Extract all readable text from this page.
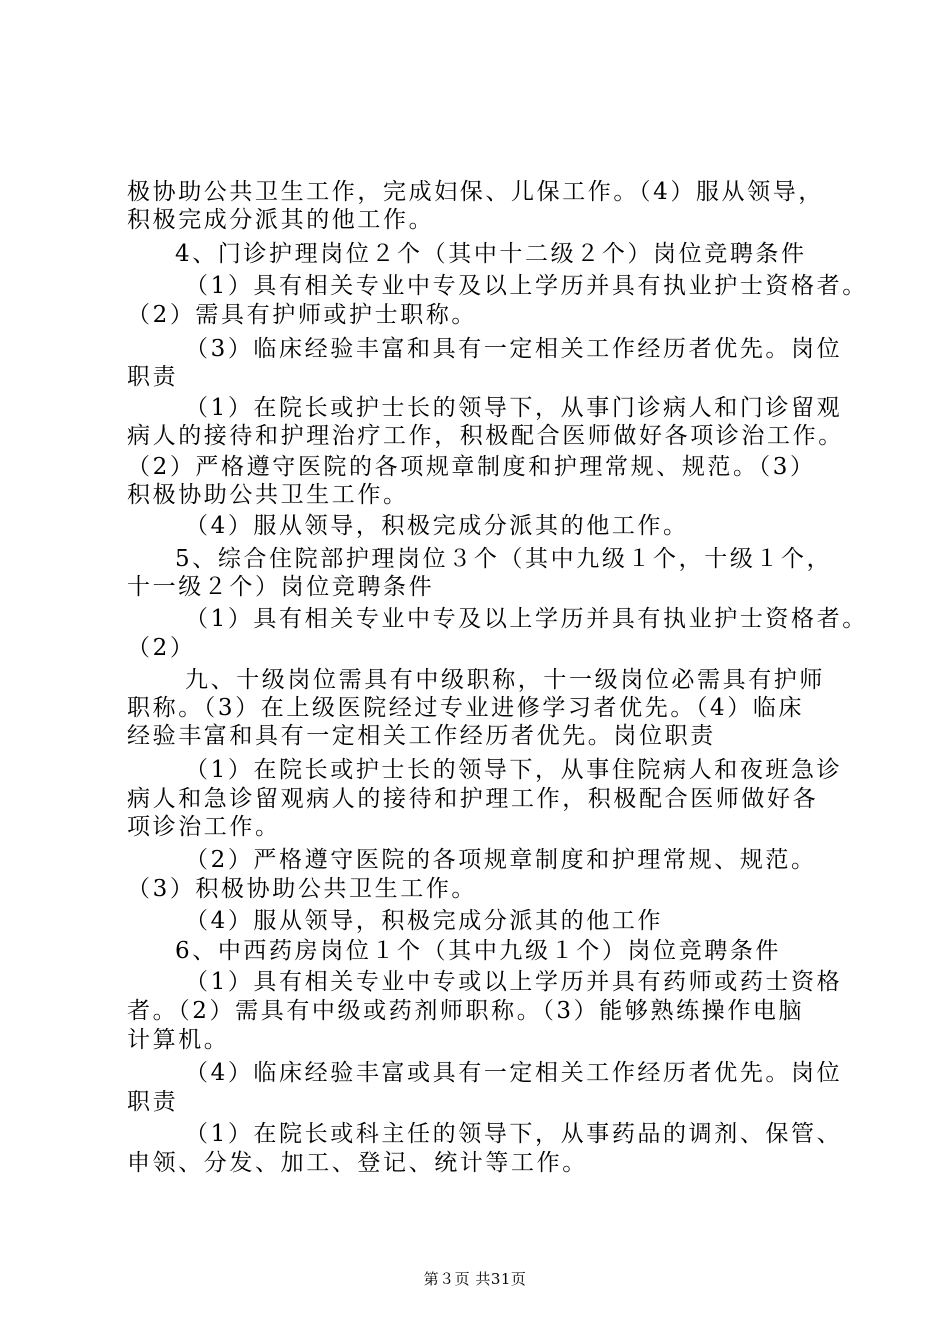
极协助公共卫生工作，完成妇保、儿保工作。（4）服从领导，
积极完成分派其的他工作。
4、门诊护理岗位２个（其中十二级２个）岗位竞聘条件
（1）具有相关专业中专及以上学历并具有执业护士资格者。
（2）需具有护师或护士职称。
（3）临床经验丰富和具有一定相关工作经历者优先。岗位
职责
（1）在院长或护士长的领导下，从事门诊病人和门诊留观
病人的接待和护理治疗工作，积极配合医师做好各项诊治工作。
（2）严格遵守医院的各项规章制度和护理常规、规范。（3）
积极协助公共卫生工作。
（4）服从领导，积极完成分派其的他工作。
5、综合住院部护理岗位３个（其中九级１个，十级１个，
十一级２个）岗位竞聘条件
（1）具有相关专业中专及以上学历并具有执业护士资格者。
（2）
九、十级岗位需具有中级职称，十一级岗位必需具有护师
职称。（3）在上级医院经过专业进修学习者优先。（4）临床
经验丰富和具有一定相关工作经历者优先。岗位职责
（1）在院长或护士长的领导下，从事住院病人和夜班急诊
病人和急诊留观病人的接待和护理工作，积极配合医师做好各
项诊治工作。
（2）严格遵守医院的各项规章制度和护理常规、规范。
（3）积极协助公共卫生工作。
（4）服从领导，积极完成分派其的他工作
6、中西药房岗位１个（其中九级１个）岗位竞聘条件
（1）具有相关专业中专或以上学历并具有药师或药士资格
者。（2）需具有中级或药剂师职称。（3）能够熟练操作电脑
计算机。
（4）临床经验丰富或具有一定相关工作经历者优先。岗位
职责
（1）在院长或科主任的领导下，从事药品的调剂、保管、
申领、分发、加工、登记、统计等工作。
第３页 共31页
